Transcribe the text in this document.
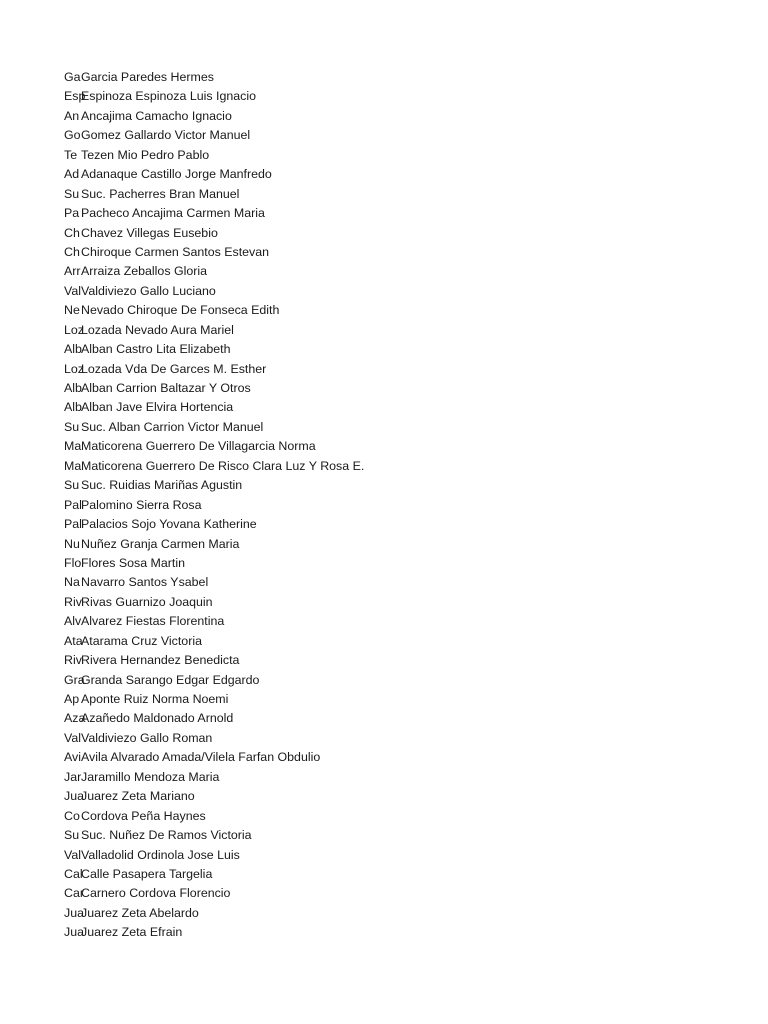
Ga Garcia Paredes Hermes
Esp
Espinoza Espinoza Luis Ignacio
An Ancajima Camacho Ignacio
Go Gomez Gallardo Victor Manuel
Te Tezen Mio Pedro Pablo
Ad Adanaque Castillo Jorge Manfredo
Su Suc. Pacherres Bran Manuel
Pa Pacheco Ancajima Carmen Maria
Ch Chavez Villegas Eusebio
Ch Chiroque Carmen Santos Estevan
Arr Arraiza Zeballos Gloria
Val Valdiviezo Gallo Luciano
Ne Nevado Chiroque De Fonseca Edith
Loz
Lozada Nevado Aura Mariel
Alb Alban Castro Lita Elizabeth
Loz
Lozada Vda De Garces M. Esther
Alb Alban Carrion Baltazar Y Otros
Alb Alban Jave Elvira Hortencia
Su Suc. Alban Carrion Victor Manuel
Ma Maticorena Guerrero De Villagarcia Norma
Ma Maticorena Guerrero De Risco Clara Luz Y Rosa E.
Su Suc. Ruidias Mariñas Agustin
Pal Palomino Sierra Rosa
Pal Palacios Sojo Yovana Katherine
Nu Nuñez Granja Carmen Maria
Flo Flores Sosa Martin
Na Navarro Santos Ysabel
Riv Rivas Guarnizo Joaquin
Alv Alvarez Fiestas Florentina
Ata
Atarama Cruz Victoria
Riv Rivera Hernandez Benedicta
Gra
Granda Sarango Edgar Edgardo
Ap Aponte Ruiz Norma Noemi
Aza
Azañedo Maldonado Arnold
Val Valdiviezo Gallo Roman
Avi Avila Alvarado Amada/Vilela Farfan Obdulio
Jar Jaramillo Mendoza Maria
Jua
Juarez Zeta Mariano
Co Cordova Peña Haynes
Su Suc. Nuñez De Ramos Victoria
Val Valladolid Ordinola Jose Luis
Cal
Calle Pasapera Targelia
Car
Carnero Cordova Florencio
Jua
Juarez Zeta Abelardo
Jua
Juarez Zeta Efrain
